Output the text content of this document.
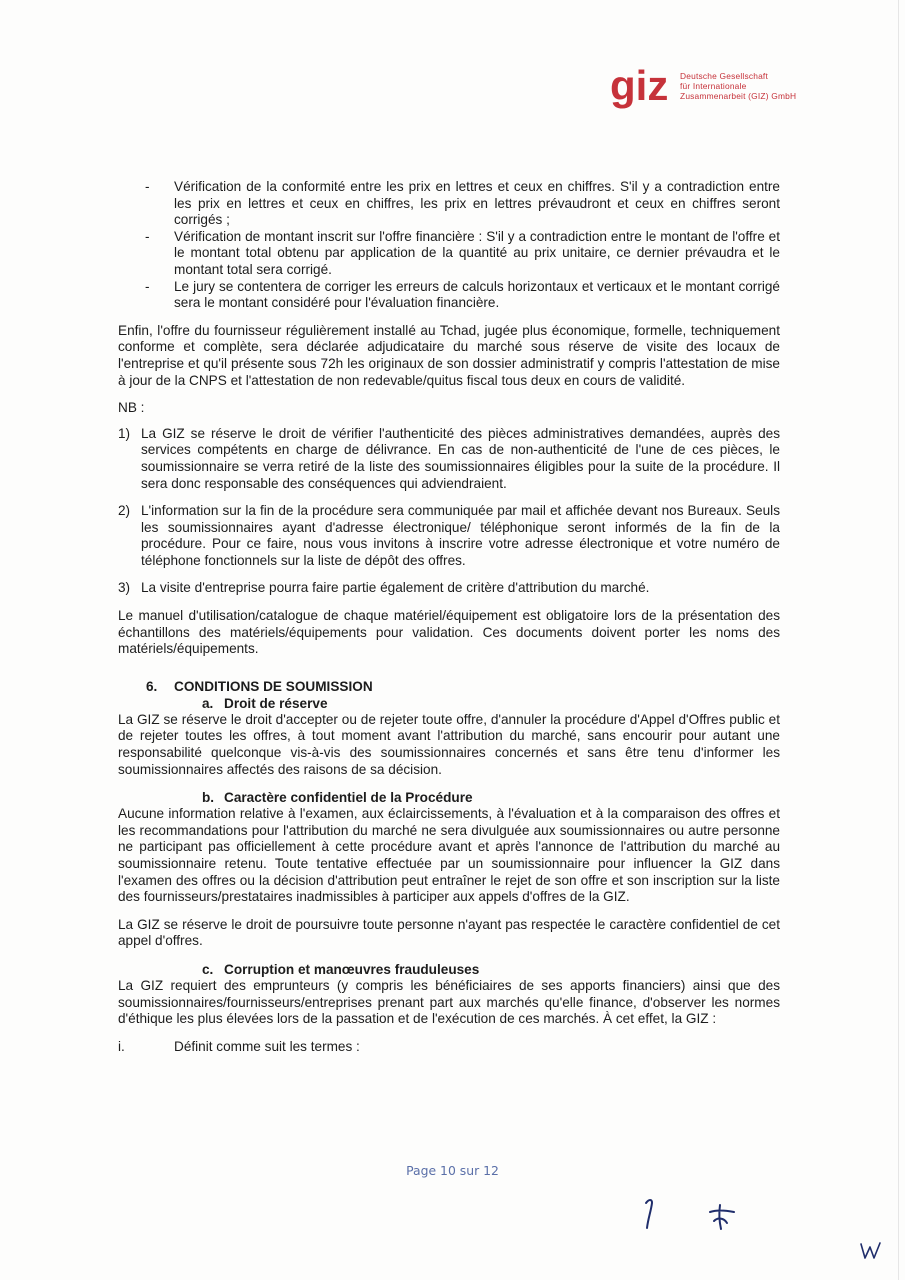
giz Deutsche Gesellschaft
für Internationale
Zusammenarbeit (GIZ) GmbH
- Vérification de la conformité entre les prix en lettres et ceux en chiffres. S'il y a contradiction entre les prix en lettres et ceux en chiffres, les prix en lettres prévaudront et ceux en chiffres seront corrigés ;
- Vérification de montant inscrit sur l'offre financière : S'il y a contradiction entre le montant de l'offre et le montant total obtenu par application de la quantité au prix unitaire, ce dernier prévaudra et le montant total sera corrigé.
- Le jury se contentera de corriger les erreurs de calculs horizontaux et verticaux et le montant corrigé sera le montant considéré pour l'évaluation financière.

Enfin, l'offre du fournisseur régulièrement installé au Tchad, jugée plus économique, formelle, techniquement conforme et complète, sera déclarée adjudicataire du marché sous réserve de visite des locaux de l'entreprise et qu'il présente sous 72h les originaux de son dossier administratif y compris l'attestation de mise à jour de la CNPS et l'attestation de non redevable/quitus fiscal tous deux en cours de validité.

NB :

1) La GIZ se réserve le droit de vérifier l'authenticité des pièces administratives demandées, auprès des services compétents en charge de délivrance. En cas de non-authenticité de l'une de ces pièces, le soumissionnaire se verra retiré de la liste des soumissionnaires éligibles pour la suite de la procédure. Il sera donc responsable des conséquences qui adviendraient.
2) L'information sur la fin de la procédure sera communiquée par mail et affichée devant nos Bureaux. Seuls les soumissionnaires ayant d'adresse électronique/ téléphonique seront informés de la fin de la procédure. Pour ce faire, nous vous invitons à inscrire votre adresse électronique et votre numéro de téléphone fonctionnels sur la liste de dépôt des offres.
3) La visite d'entreprise pourra faire partie également de critère d'attribution du marché.

Le manuel d'utilisation/catalogue de chaque matériel/équipement est obligatoire lors de la présentation des échantillons des matériels/équipements pour validation. Ces documents doivent porter les noms des matériels/équipements.

6. CONDITIONS DE SOUMISSION
a. Droit de réserve

La GIZ se réserve le droit d'accepter ou de rejeter toute offre, d'annuler la procédure d'Appel d'Offres public et de rejeter toutes les offres, à tout moment avant l'attribution du marché, sans encourir pour autant une responsabilité quelconque vis-à-vis des soumissionnaires concernés et sans être tenu d'informer les soumissionnaires affectés des raisons de sa décision.

b. Caractère confidentiel de la Procédure

Aucune information relative à l'examen, aux éclaircissements, à l'évaluation et à la comparaison des offres et les recommandations pour l'attribution du marché ne sera divulguée aux soumissionnaires ou autre personne ne participant pas officiellement à cette procédure avant et après l'annonce de l'attribution du marché au soumissionnaire retenu. Toute tentative effectuée par un soumissionnaire pour influencer la GIZ dans l'examen des offres ou la décision d'attribution peut entraîner le rejet de son offre et son inscription sur la liste des fournisseurs/prestataires inadmissibles à participer aux appels d'offres de la GIZ.

La GIZ se réserve le droit de poursuivre toute personne n'ayant pas respectée le caractère confidentiel de cet appel d'offres.

c. Corruption et manœuvres frauduleuses

La GIZ requiert des emprunteurs (y compris les bénéficiaires de ses apports financiers) ainsi que des soumissionnaires/fournisseurs/entreprises prenant part aux marchés qu'elle finance, d'observer les normes d'éthique les plus élevées lors de la passation et de l'exécution de ces marchés. À cet effet, la GIZ :

i.	Définit comme suit les termes :
Page 10 sur 12
